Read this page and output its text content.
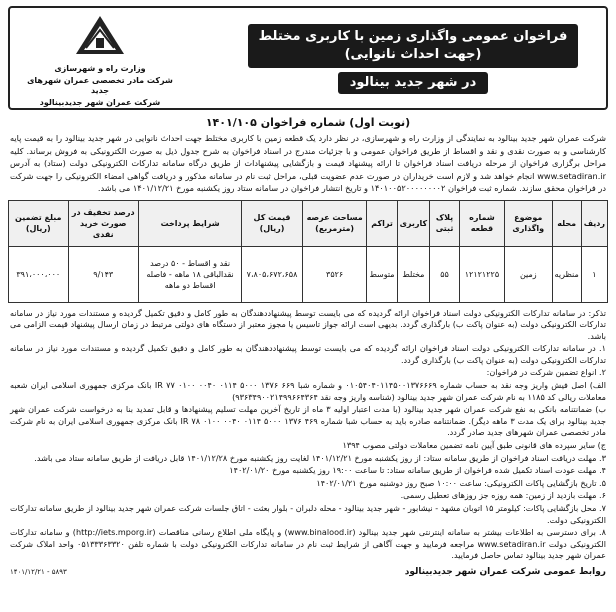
فراخوان عمومی واگذاری زمین با کاربری مختلط (جهت احداث نانوایی)
در شهر جدید بینالود
وزارت راه و شهرسازی
شرکت مادر تخصصی عمران شهرهای جدید
شرکت عمران شهر جدیدبینالود
(نوبت اول) شماره فراخوان ۱۴۰۱/۱۰۵
شرکت عمران شهر جدید بینالود به نمایندگی از وزارت راه و شهرسازی، در نظر دارد یک قطعه زمین با کاربری مختلط جهت احداث نانوایی در شهر جدید بینالود را به قیمت پایه کارشناسی و به صورت نقدی و نقد و اقساط از طریق فراخوان عمومی و با جزئیات مندرج در اسناد فراخوان به شرح جدول ذیل به صورت الکترونیکی به فروش برساند. کلیه مراحل برگزاری فراخوان از مرحله دریافت اسناد فراخوان تا ارائه پیشنهاد قیمت و بازگشایی پیشنهادات از طریق درگاه سامانه تدارکات الکترونیکی دولت (ستاد) به آدرس www.setadiran.ir انجام خواهد شد و لازم است خریداران در صورت عدم عضویت قبلی، مراحل ثبت نام در سامانه مذکور و دریافت گواهی امضاء الکترونیکی را جهت شرکت در فراخوان محقق سازند. شماره ثبت فراخوان ۱۴۰۱۰۰۵۲۰۰۰۰۰۰۰۰۲ و تاریخ انتشار فراخوان در سامانه ستاد روز یکشنبه مورخ ۱۴۰۱/۱۲/۲۱ می باشد.
ردیف	محله	موضوع واگذاری	شماره قطعه	پلاک ثبتی	کاربری	تراکم	مساحت عرصه (مترمربع)	قیمت کل (ریال)	شرایط پرداخت	درصد تخفیف در صورت خرید نقدی	مبلغ تضمین (ریال)
۱	منظریه	زمین	۱۲۱۲۱۲۲۵	۵۵	مختلط	متوسط	۳۵۲۶	۷،۸۰۵،۶۷۲،۶۵۸	نقد و اقساط - ۵۰ درصد نقدالباقی ۱۸ ماهه - فاصله اقساط دو ماهه	۹/۱۴۳	۳۹۱،۰۰۰،۰۰۰

تذکر: در سامانه تدارکات الکترونیکی دولت اسناد فراخوان ارائه گردیده که می بایست توسط پیشنهاددهندگان به طور کامل و دقیق تکمیل گردیده و مستندات مورد نیاز در سامانه تدارکات الکترونیکی دولت (به عنوان پاکت ب) بارگذاری گردد. بدیهی است ارائه جواز تاسیس یا مجوز معتبر از دستگاه های دولتی مرتبط در زمان ارسال پیشنهاد قیمت الزامی می باشد.

۱. در سامانه تدارکات الکترونیکی دولت اسناد فراخوان ارائه گردیده که می بایست توسط پیشنهاددهندگان به طور کامل و دقیق تکمیل گردیده و مستندات مورد نیاز در سامانه تدارکات الکترونیکی دولت (به عنوان پاکت ب) بارگذاری گردد.

۲. انواع تضمین شرکت در فراخوان:

الف) اصل فیش واریز وجه نقد به حساب شماره ۰۱۰۵۴۰۴۰۱۱۴۵۰۰۱۳۷۶۶۶۹ و شماره شبا IR ۷۷ ۰۱۰۰ ۰۰۴۰ ۰۱۱۴ ۵۰۰۰ ۱۳۷۶ ۶۶۹ بانک مرکزی جمهوری اسلامی ایران شعبه معاملات ریالی کد ۱۱۸۵ به نام شرکت عمران شهر جدید بینالود (شناسه واریز وجه نقد ۹۳۶۳۴۹۰۰۲۱۴۹۹۶۶۴۳۶۴)

ب) ضمانتنامه بانکی به نفع شرکت عمران شهر جدید بینالود (با مدت اعتبار اولیه ۳ ماه از تاریخ آخرین مهلت تسلیم پیشنهادها و قابل تمدید بنا به درخواست شرکت عمران شهر جدید بینالود برای یک مدت ۳ ماهه دیگر). ضمانتنامه صادره باید به حساب شبا شماره IR ۷۸ ۰۱۰۰ ۰۰۴۰ ۰۱۱۴ ۵۰۰۰ ۱۳۷۶ ۴۶۹ بانک مرکزی جمهوری اسلامی ایران به نام شرکت مادر تخصصی عمران شهرهای جدید صادر گردد.

ج) سایر سپرده های قانونی طبق آیین نامه تضمین معاملات دولتی مصوب ۱۳۹۴

۳. مهلت دریافت اسناد فراخوان از طریق سامانه ستاد: از روز یکشنبه مورخ ۱۴۰۱/۱۲/۲۱ لغایت روز یکشنبه مورخ ۱۴۰۱/۱۲/۲۸ قابل دریافت از طریق سامانه ستاد می باشد.

۴. مهلت عودت اسناد تکمیل شده فراخوان از طریق سامانه ستاد: تا ساعت ۱۹:۰۰ روز یکشنبه مورخ ۱۴۰۲/۰۱/۲۰

۵. تاریخ بازگشایی پاکات الکترونیکی: ساعت ۱۰:۰۰ صبح روز دوشنبه مورخ ۱۴۰۲/۰۱/۲۱

۶. مهلت بازدید از زمین: همه روزه جز روزهای تعطیل رسمی.

۷. محل بازگشایی پاکات: کیلومتر ۱۵ اتوبان مشهد - نیشابور - شهر جدید بینالود - محله دلبران - بلوار بعثت - اتاق جلسات شرکت عمران شهر جدید بینالود از طریق سامانه تدارکات الکترونیکی دولت.

۸. برای دسترسی به اطلاعات بیشتر به سامانه اینترنتی شهر جدید بینالود (www.binalood.ir) و پایگاه ملی اطلاع رسانی مناقصات (http://iets.mporg.ir) و سامانه تدارکات الکترونیکی دولت www.setadiran.ir مراجعه فرمایید و جهت آگاهی از شرایط ثبت نام در سامانه تدارکات الکترونیکی دولت با شماره تلفن ۰۵۱۳۳۳۶۳۳۲۰ واحد املاک شرکت عمران شهر جدید بینالود تماس حاصل فرمایید.

روابط عمومی شرکت عمران شهر جدیدبینالود
۱۴۰۱/۱۲/۲۱ - ۵۸۹۳
